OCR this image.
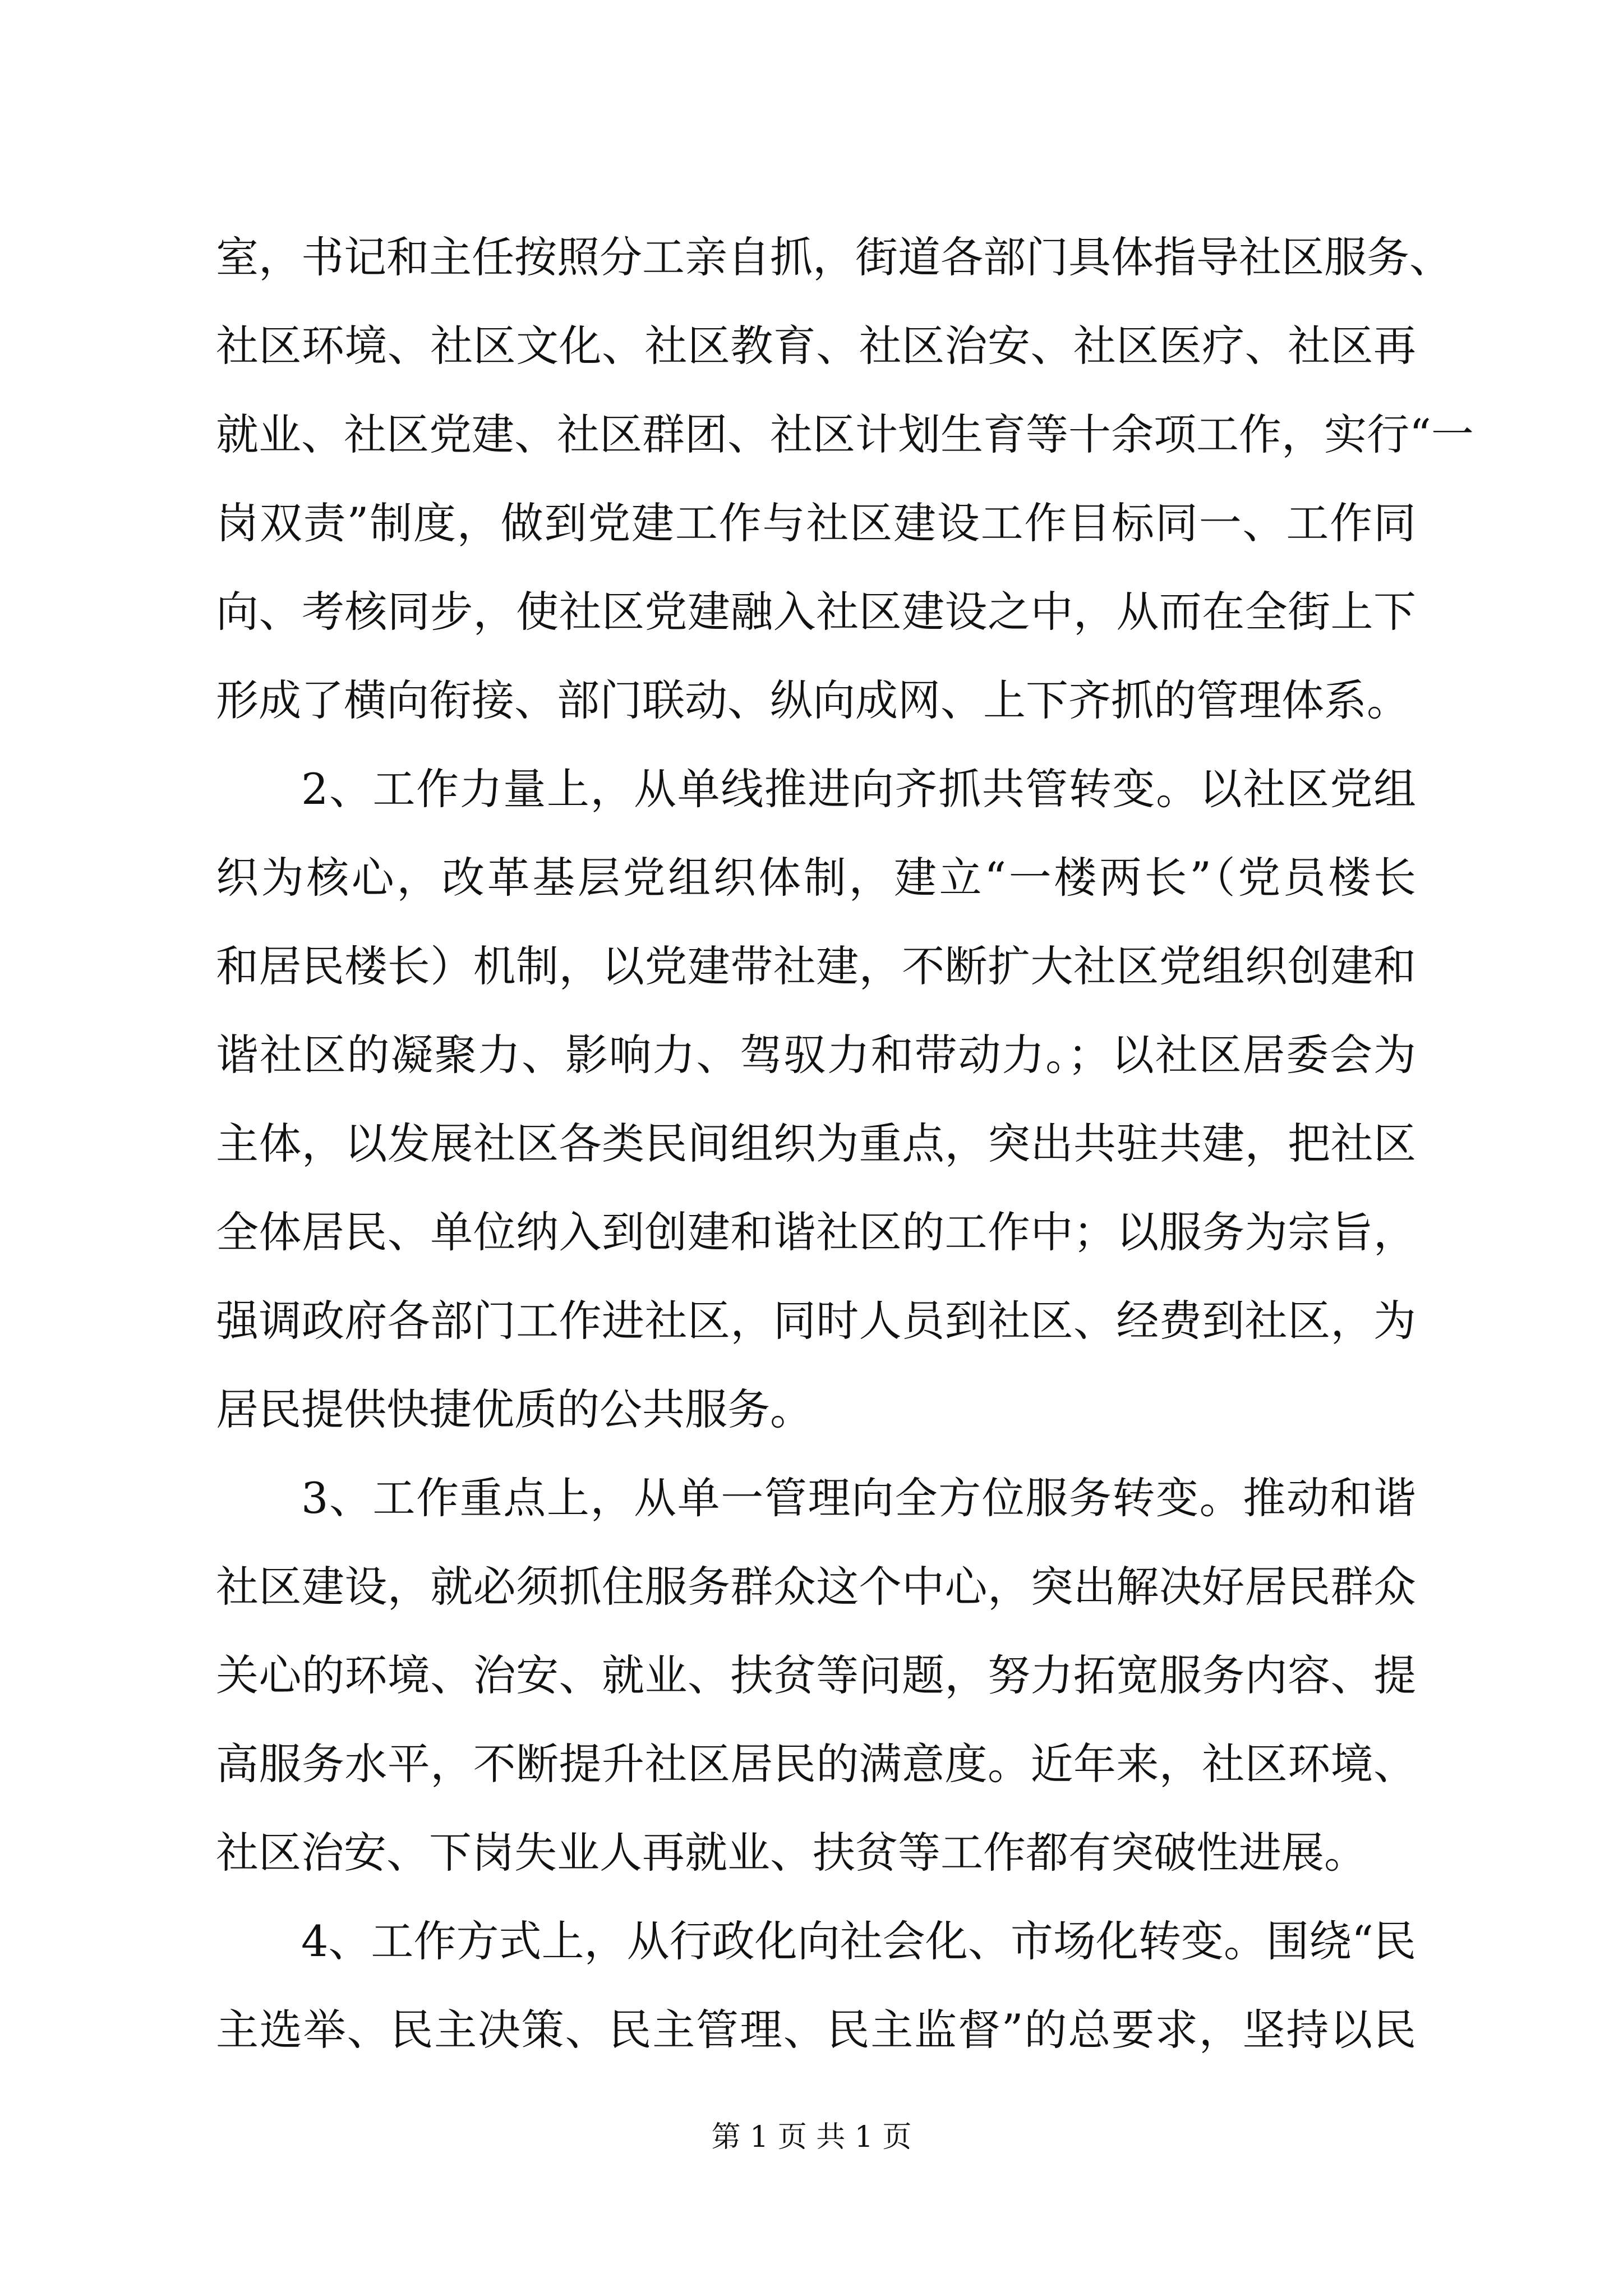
室，书记和主任按照分工亲自抓，街道各部门具体指导社区服务、
社区环境、社区文化、社区教育、社区治安、社区医疗、社区再
就业、社区党建、社区群团、社区计划生育等十余项工作，实行“一
岗双责”制度，做到党建工作与社区建设工作目标同一、工作同
向、考核同步，使社区党建融入社区建设之中，从而在全街上下
形成了横向衔接、部门联动、纵向成网、上下齐抓的管理体系。
2、工作力量上，从单线推进向齐抓共管转变。以社区党组
织为核心，改革基层党组织体制，建立“一楼两长”（党员楼长
和居民楼长）机制，以党建带社建，不断扩大社区党组织创建和
谐社区的凝聚力、影响力、驾驭力和带动力。；以社区居委会为
主体，以发展社区各类民间组织为重点，突出共驻共建，把社区
全体居民、单位纳入到创建和谐社区的工作中；以服务为宗旨，
强调政府各部门工作进社区，同时人员到社区、经费到社区，为
居民提供快捷优质的公共服务。
3、工作重点上，从单一管理向全方位服务转变。推动和谐
社区建设，就必须抓住服务群众这个中心，突出解决好居民群众
关心的环境、治安、就业、扶贫等问题，努力拓宽服务内容、提
高服务水平，不断提升社区居民的满意度。近年来，社区环境、
社区治安、下岗失业人再就业、扶贫等工作都有突破性进展。
4、工作方式上，从行政化向社会化、市场化转变。围绕“民
主选举、民主决策、民主管理、民主监督”的总要求，坚持以民
第 1 页 共 1 页
